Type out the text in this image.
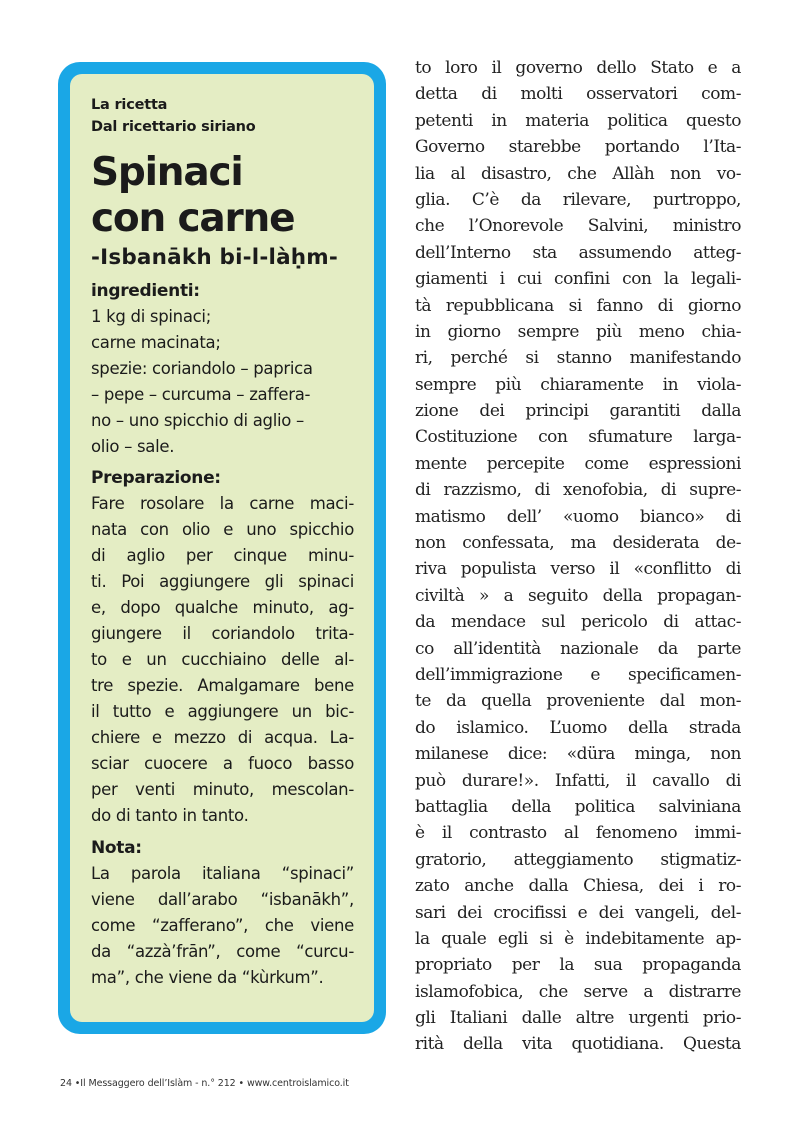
La ricetta
Dal ricettario siriano
Spinaci
con carne
-Isbanākh bi-l-làḥm-
ingredienti:
1 kg di spinaci;
carne macinata;
spezie: coriandolo – paprica
– pepe – curcuma – zaffera-
no – uno spicchio di aglio –
olio – sale.
Preparazione:
Fare rosolare la carne maci-
nata con olio e uno spicchio
di aglio per cinque minu-
ti. Poi aggiungere gli spinaci
e, dopo qualche minuto, ag-
giungere il coriandolo trita-
to e un cucchiaino delle al-
tre spezie. Amalgamare bene
il tutto e aggiungere un bic-
chiere e mezzo di acqua. La-
sciar cuocere a fuoco basso
per venti minuto, mescolan-
do di tanto in tanto.
Nota:
La parola italiana “spinaci”
viene dall’arabo “isbanākh”,
come “zafferano”, che viene
da “azzà’frān”, come “curcu-
ma”, che viene da “kùrkum”.
to loro il governo dello Stato e a
detta di molti osservatori com-
petenti in materia politica questo
Governo starebbe portando l’Ita-
lia al disastro, che Allàh non vo-
glia. C’è da rilevare, purtroppo,
che l’Onorevole Salvini, ministro
dell’Interno sta assumendo atteg-
giamenti i cui confini con la legali-
tà repubblicana si fanno di giorno
in giorno sempre più meno chia-
ri, perché si stanno manifestando
sempre più chiaramente in viola-
zione dei principi garantiti dalla
Costituzione con sfumature larga-
mente percepite come espressioni
di razzismo, di xenofobia, di supre-
matismo dell’ «uomo bianco» di
non confessata, ma desiderata de-
riva populista verso il «conflitto di
civiltà » a seguito della propagan-
da mendace sul pericolo di attac-
co all’identità nazionale da parte
dell’immigrazione e specificamen-
te da quella proveniente dal mon-
do islamico. L’uomo della strada
milanese dice: «düra minga, non
può durare!». Infatti, il cavallo di
battaglia della politica salviniana
è il contrasto al fenomeno immi-
gratorio, atteggiamento stigmatiz-
zato anche dalla Chiesa, dei i ro-
sari dei crocifissi e dei vangeli, del-
la quale egli si è indebitamente ap-
propriato per la sua propaganda
islamofobica, che serve a distrarre
gli Italiani dalle altre urgenti prio-
rità della vita quotidiana. Questa
24 •Il Messaggero dell’Islàm - n.° 212 • www.centroislamico.it
